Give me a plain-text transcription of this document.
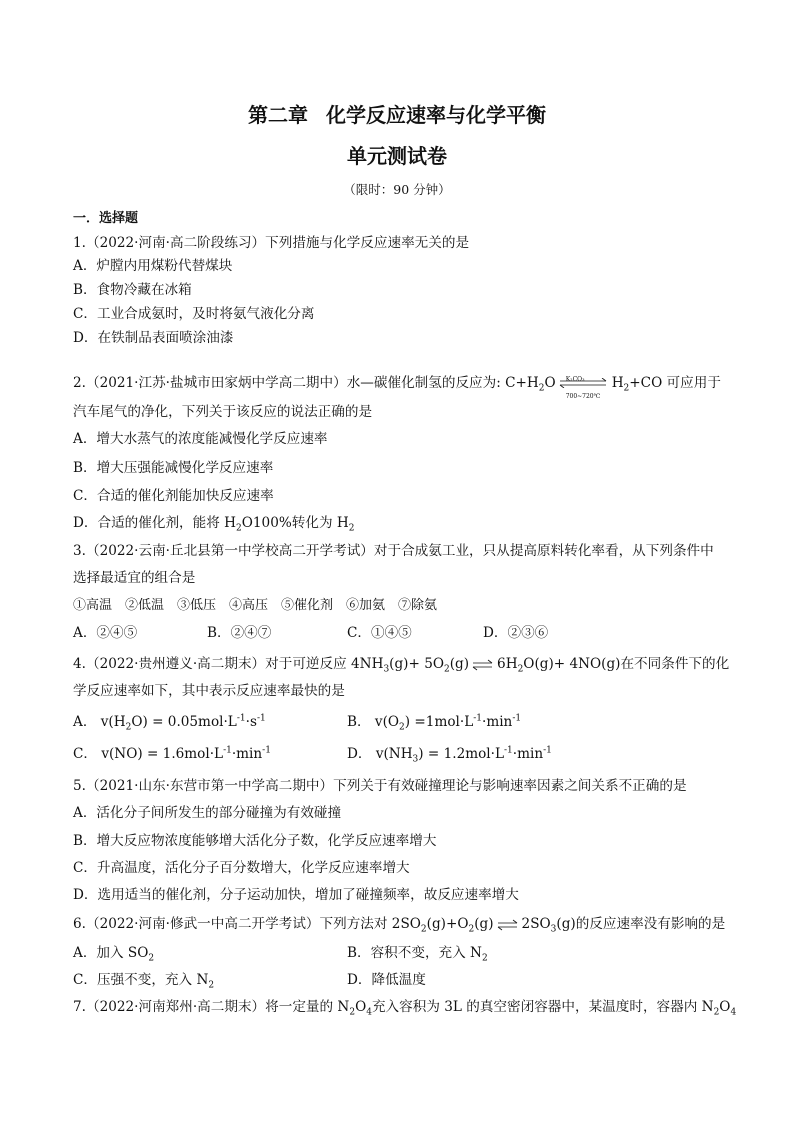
第二章 化学反应速率与化学平衡
单元测试卷
（限时：90 分钟）
一．选择题
1.（2022·河南·高二阶段练习）下列措施与化学反应速率无关的是
A．炉膛内用煤粉代替煤块
B．食物冷藏在冰箱
C．工业合成氨时，及时将氨气液化分离
D．在铁制品表面喷涂油漆
2.（2021·江苏·盐城市田家炳中学高二期中）水—碳催化制氢的反应为: $C+H_2O$ K₂CO₃
700~720℃
$H_2+CO$ 可应用于
汽车尾气的净化，下列关于该反应的说法正确的是
A．增大水蒸气的浓度能减慢化学反应速率
B．增大压强能减慢化学反应速率
C．合适的催化剂能加快反应速率
D．合适的催化剂，能将 $H_2O100\%$转化为 $H_2$
3.（2022·云南·丘北县第一中学校高二开学考试）对于合成氨工业，只从提高原料转化率看，从下列条件中
选择最适宜的组合是
①高温　②低温　③低压　④高压　⑤催化剂　⑥加氨　⑦除氨
A．②④⑤	B．②④⑦	C．①④⑤	D．②③⑥
4.（2022·贵州遵义·高二期末）对于可逆反应 $4NH_3(g)+ 5O_2(g)$ ⇌ $6H_2O(g)+ 4NO(g)$在不同条件下的化
学反应速率如下，其中表示反应速率最快的是
A． $v(H_2O) = 0.05mol\cdot L^{-1}\cdot s^{-1}$	B． $v(O_2) =1mol\cdot L^{-1}\cdot\min^{-1}$
C． $v(NO) = 1.6mol\cdot L^{-1}\cdot\min^{-1}$	D． $v(NH_3) = 1.2mol\cdot L^{-1}\cdot\min^{-1}$
5.（2021·山东·东营市第一中学高二期中）下列关于有效碰撞理论与影响速率因素之间关系不正确的是
A．活化分子间所发生的部分碰撞为有效碰撞
B．增大反应物浓度能够增大活化分子数，化学反应速率增大
C．升高温度，活化分子百分数增大，化学反应速率增大
D．选用适当的催化剂，分子运动加快，增加了碰撞频率，故反应速率增大
6.（2022·河南·修武一中高二开学考试）下列方法对 $2SO_2(g)+O_2(g)$ ⇌ $2SO_3(g)$的反应速率没有影响的是
A．加入 $SO_2$	B．容积不变，充入 $N_2$
C．压强不变，充入 $N_2$	D．降低温度
7.（2022·河南郑州·高二期末）将一定量的 $N_2O_4$充入容积为 3L 的真空密闭容器中，某温度时，容器内 $N_2O_4$
